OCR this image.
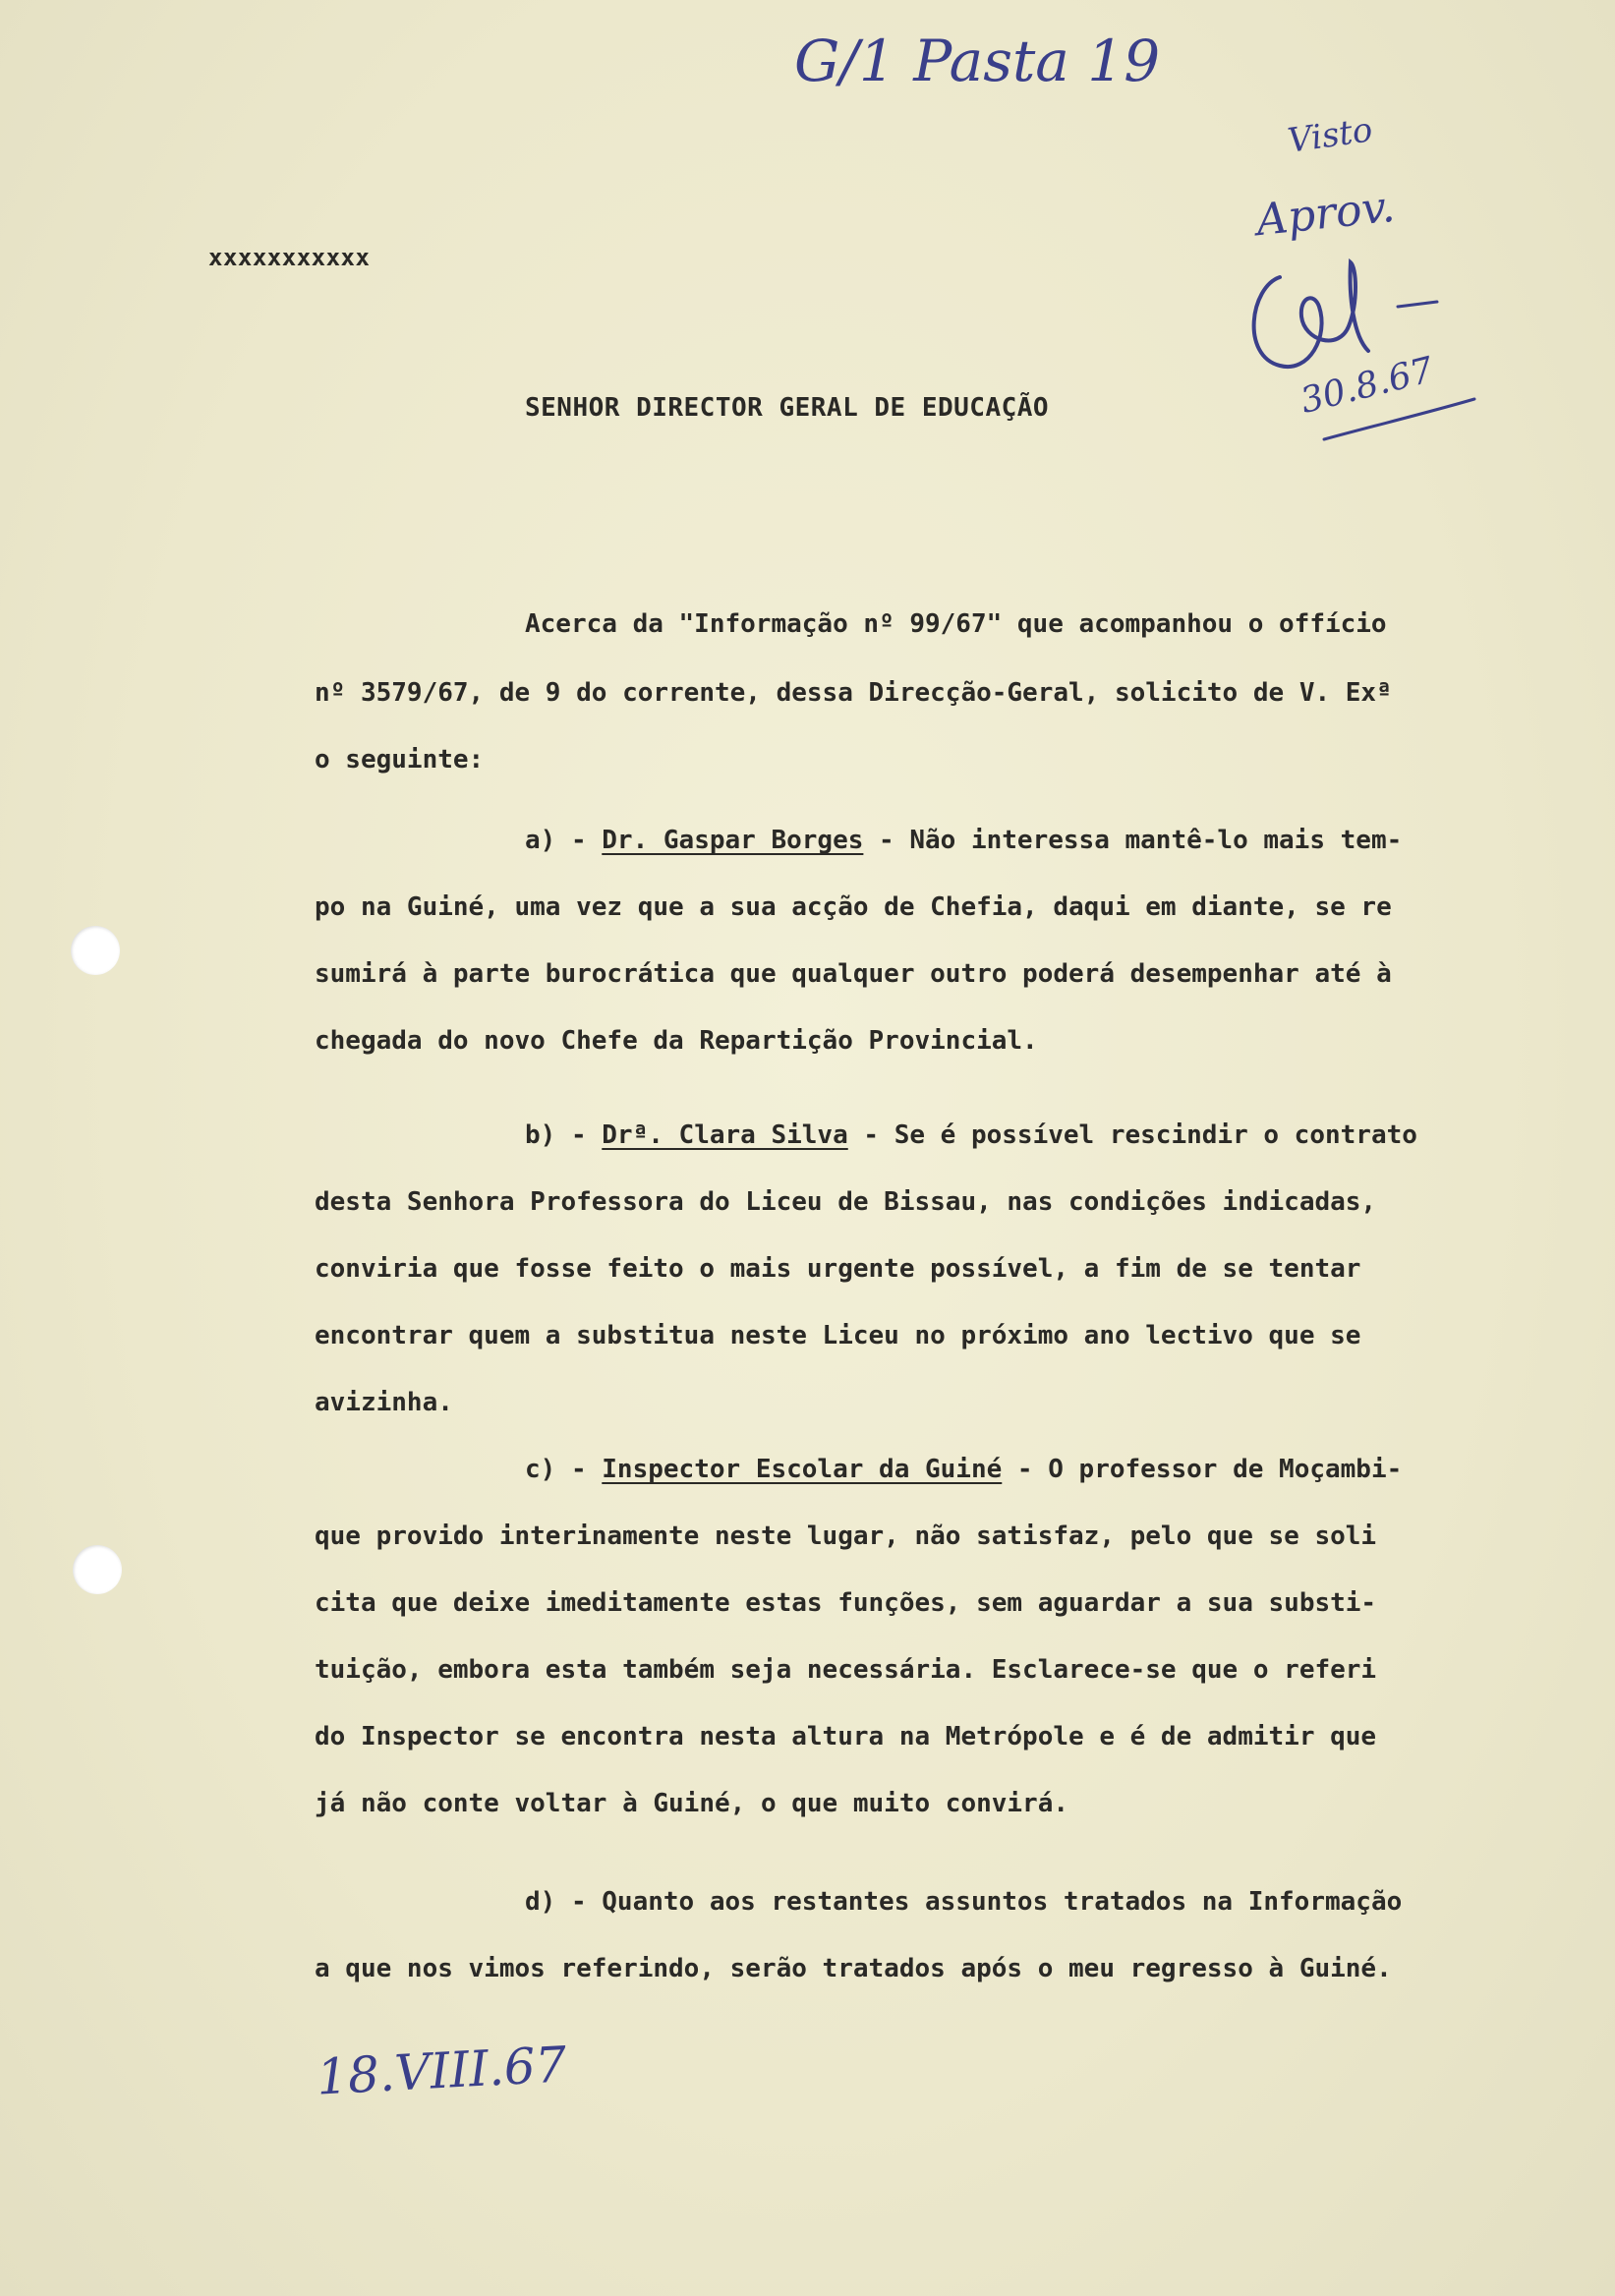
G/1 Pasta 19
Visto
Aprov.
30.8.67
xxxxxxxxxxx
SENHOR DIRECTOR GERAL DE EDUCAÇÃO
Acerca da "Informação nº 99/67" que acompanhou o offício
nº 3579/67, de 9 do corrente, dessa Direcção-Geral, solicito de V. Exª
o seguinte:
a) - Dr. Gaspar Borges - Não interessa mantê-lo mais tem-
po na Guiné, uma vez que a sua acção de Chefia, daqui em diante, se re
sumirá à parte burocrática que qualquer outro poderá desempenhar até à
chegada do novo Chefe da Repartição Provincial.
b) - Drª. Clara Silva - Se é possível rescindir o contrato
desta Senhora Professora do Liceu de Bissau, nas condições indicadas,
conviria que fosse feito o mais urgente possível, a fim de se tentar
encontrar quem a substitua neste Liceu no próximo ano lectivo que se
avizinha.
c) - Inspector Escolar da Guiné - O professor de Moçambi-
que provido interinamente neste lugar, não satisfaz, pelo que se soli
cita que deixe imeditamente estas funções, sem aguardar a sua substi-
tuição, embora esta também seja necessária. Esclarece-se que o referi
do Inspector se encontra nesta altura na Metrópole e é de admitir que
já não conte voltar à Guiné, o que muito convirá.
d) - Quanto aos restantes assuntos tratados na Informação
a que nos vimos referindo, serão tratados após o meu regresso à Guiné.
18.VIII.67
